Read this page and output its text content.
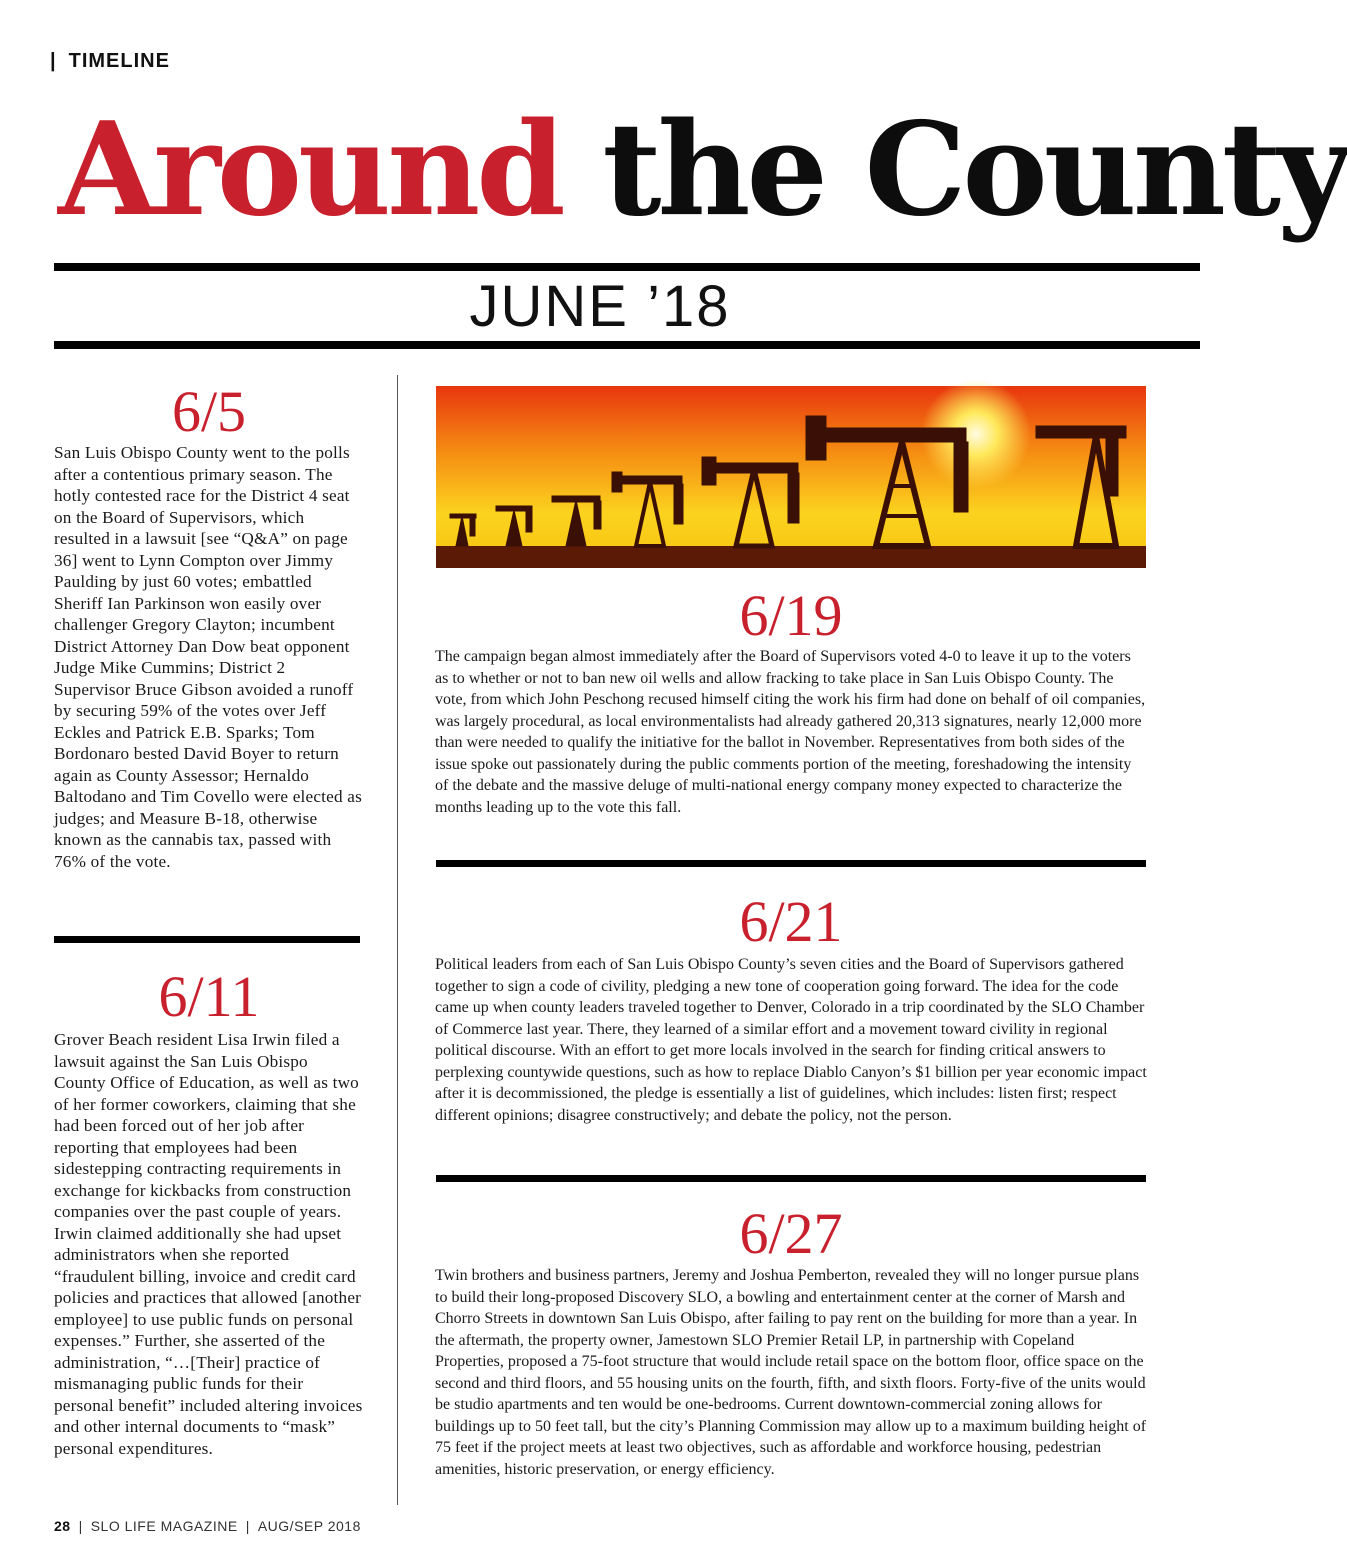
| TIMELINE
Around the County
JUNE ’18
6/5
San Luis Obispo County went to the polls after a contentious primary season. The hotly contested race for the District 4 seat on the Board of Supervisors, which resulted in a lawsuit [see “Q&A” on page 36] went to Lynn Compton over Jimmy Paulding by just 60 votes; embattled Sheriff Ian Parkinson won easily over challenger Gregory Clayton; incumbent District Attorney Dan Dow beat opponent Judge Mike Cummins; District 2 Supervisor Bruce Gibson avoided a runoff by securing 59% of the votes over Jeff Eckles and Patrick E.B. Sparks; Tom Bordonaro bested David Boyer to return again as County Assessor; Hernaldo Baltodano and Tim Covello were elected as judges; and Measure B-18, otherwise known as the cannabis tax, passed with 76% of the vote.
6/11
Grover Beach resident Lisa Irwin filed a lawsuit against the San Luis Obispo County Office of Education, as well as two of her former coworkers, claiming that she had been forced out of her job after reporting that employees had been sidestepping contracting requirements in exchange for kickbacks from construction companies over the past couple of years. Irwin claimed additionally she had upset administrators when she reported “fraudulent billing, invoice and credit card policies and practices that allowed [another employee] to use public funds on personal expenses.” Further, she asserted of the administration, “…[Their] practice of mismanaging public funds for their personal benefit” included altering invoices and other internal documents to “mask” personal expenditures.
6/19
The campaign began almost immediately after the Board of Supervisors voted 4-0 to leave it up to the voters as to whether or not to ban new oil wells and allow fracking to take place in San Luis Obispo County. The vote, from which John Peschong recused himself citing the work his firm had done on behalf of oil companies, was largely procedural, as local environmentalists had already gathered 20,313 signatures, nearly 12,000 more than were needed to qualify the initiative for the ballot in November. Representatives from both sides of the issue spoke out passionately during the public comments portion of the meeting, foreshadowing the intensity of the debate and the massive deluge of multi-national energy company money expected to characterize the months leading up to the vote this fall.
6/21
Political leaders from each of San Luis Obispo County’s seven cities and the Board of Supervisors gathered together to sign a code of civility, pledging a new tone of cooperation going forward. The idea for the code came up when county leaders traveled together to Denver, Colorado in a trip coordinated by the SLO Chamber of Commerce last year. There, they learned of a similar effort and a movement toward civility in regional political discourse. With an effort to get more locals involved in the search for finding critical answers to perplexing countywide questions, such as how to replace Diablo Canyon’s $1 billion per year economic impact after it is decommissioned, the pledge is essentially a list of guidelines, which includes: listen first; respect different opinions; disagree constructively; and debate the policy, not the person.
6/27
Twin brothers and business partners, Jeremy and Joshua Pemberton, revealed they will no longer pursue plans to build their long-proposed Discovery SLO, a bowling and entertainment center at the corner of Marsh and Chorro Streets in downtown San Luis Obispo, after failing to pay rent on the building for more than a year. In the aftermath, the property owner, Jamestown SLO Premier Retail LP, in partnership with Copeland Properties, proposed a 75-foot structure that would include retail space on the bottom floor, office space on the second and third floors, and 55 housing units on the fourth, fifth, and sixth floors. Forty-five of the units would be studio apartments and ten would be one-bedrooms. Current downtown-commercial zoning allows for buildings up to 50 feet tall, but the city’s Planning Commission may allow up to a maximum building height of 75 feet if the project meets at least two objectives, such as affordable and workforce housing, pedestrian amenities, historic preservation, or energy efficiency.
28 | SLO LIFE MAGAZINE | AUG/SEP 2018
